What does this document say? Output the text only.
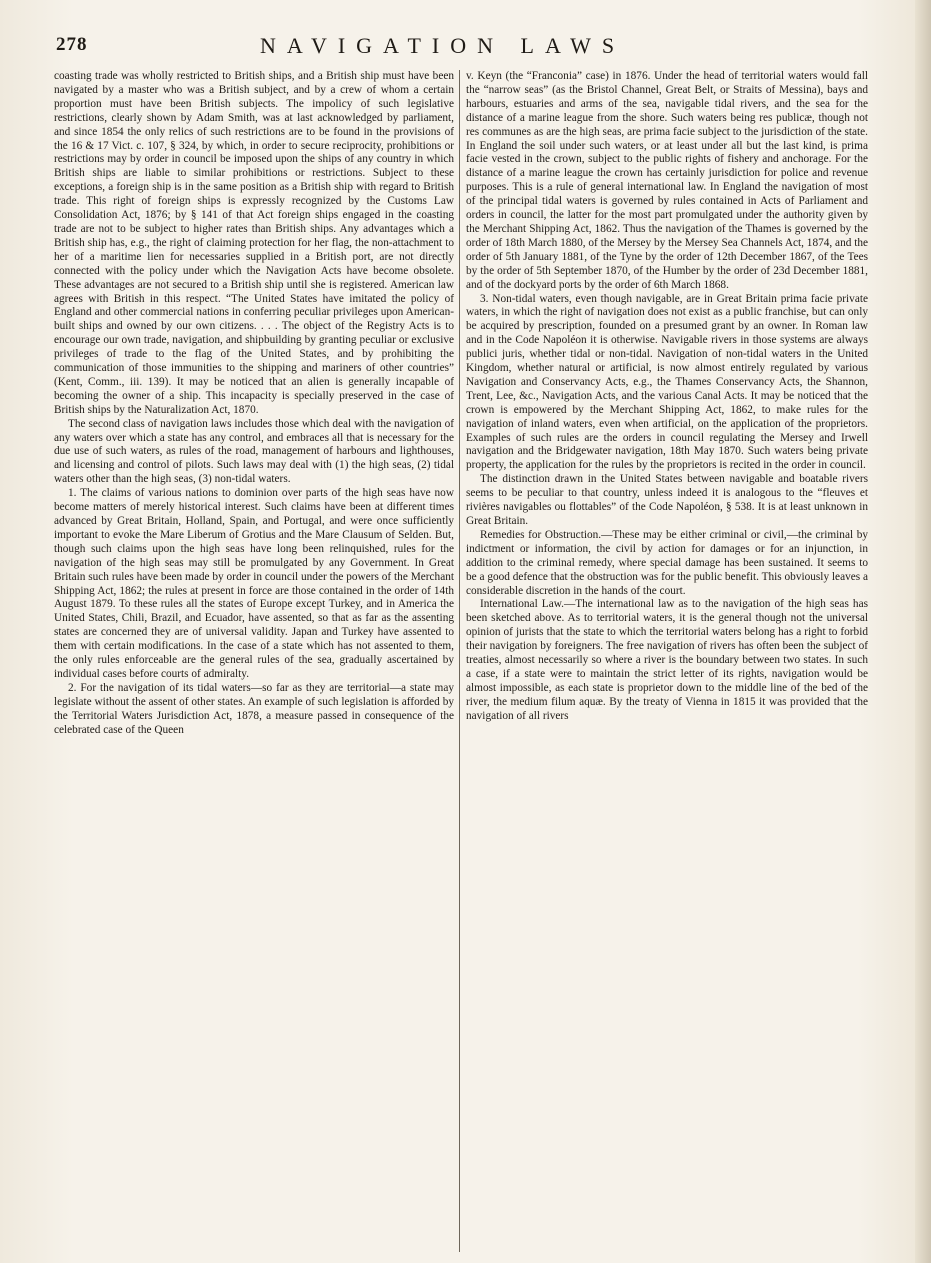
278	NAVIGATION LAWS

coasting trade was wholly restricted to British ships, and a British ship must have been navigated by a master who was a British subject, and by a crew of whom a certain proportion must have been British subjects. The impolicy of such legislative restrictions, clearly shown by Adam Smith, was at last acknowledged by parliament, and since 1854 the only relics of such restrictions are to be found in the provisions of the 16 & 17 Vict. c. 107, § 324, by which, in order to secure reciprocity, prohibitions or restrictions may by order in council be imposed upon the ships of any country in which British ships are liable to similar prohibitions or restrictions. Subject to these exceptions, a foreign ship is in the same position as a British ship with regard to British trade. This right of foreign ships is expressly recognized by the Customs Law Consolidation Act, 1876; by § 141 of that Act foreign ships engaged in the coasting trade are not to be subject to higher rates than British ships. Any advantages which a British ship has, e.g., the right of claiming protection for her flag, the non-attachment to her of a maritime lien for necessaries supplied in a British port, are not directly connected with the policy under which the Navigation Acts have become obsolete. These advantages are not secured to a British ship until she is registered. American law agrees with British in this respect. “The United States have imitated the policy of England and other commercial nations in conferring peculiar privileges upon American-built ships and owned by our own citizens. . . . The object of the Registry Acts is to encourage our own trade, navigation, and shipbuilding by granting peculiar or exclusive privileges of trade to the flag of the United States, and by prohibiting the communication of those immunities to the shipping and mariners of other countries” (Kent, Comm., iii. 139). It may be noticed that an alien is generally incapable of becoming the owner of a ship. This incapacity is specially preserved in the case of British ships by the Naturalization Act, 1870.

The second class of navigation laws includes those which deal with the navigation of any waters over which a state has any control, and embraces all that is necessary for the due use of such waters, as rules of the road, management of harbours and lighthouses, and licensing and control of pilots. Such laws may deal with (1) the high seas, (2) tidal waters other than the high seas, (3) non-tidal waters.

1. The claims of various nations to dominion over parts of the high seas have now become matters of merely historical interest. Such claims have been at different times advanced by Great Britain, Holland, Spain, and Portugal, and were once sufficiently important to evoke the Mare Liberum of Grotius and the Mare Clausum of Selden. But, though such claims upon the high seas have long been relinquished, rules for the navigation of the high seas may still be promulgated by any Government. In Great Britain such rules have been made by order in council under the powers of the Merchant Shipping Act, 1862; the rules at present in force are those contained in the order of 14th August 1879. To these rules all the states of Europe except Turkey, and in America the United States, Chili, Brazil, and Ecuador, have assented, so that as far as the assenting states are concerned they are of universal validity. Japan and Turkey have assented to them with certain modifications. In the case of a state which has not assented to them, the only rules enforceable are the general rules of the sea, gradually ascertained by individual cases before courts of admiralty.

2. For the navigation of its tidal waters—so far as they are territorial—a state may legislate without the assent of other states. An example of such legislation is afforded by the Territorial Waters Jurisdiction Act, 1878, a measure passed in consequence of the celebrated case of the Queen

v. Keyn (the “Franconia” case) in 1876. Under the head of territorial waters would fall the “narrow seas” (as the Bristol Channel, Great Belt, or Straits of Messina), bays and harbours, estuaries and arms of the sea, navigable tidal rivers, and the sea for the distance of a marine league from the shore. Such waters being res publicæ, though not res communes as are the high seas, are prima facie subject to the jurisdiction of the state. In England the soil under such waters, or at least under all but the last kind, is prima facie vested in the crown, subject to the public rights of fishery and anchorage. For the distance of a marine league the crown has certainly jurisdiction for police and revenue purposes. This is a rule of general international law. In England the navigation of most of the principal tidal waters is governed by rules contained in Acts of Parliament and orders in council, the latter for the most part promulgated under the authority given by the Merchant Shipping Act, 1862. Thus the navigation of the Thames is governed by the order of 18th March 1880, of the Mersey by the Mersey Sea Channels Act, 1874, and the order of 5th January 1881, of the Tyne by the order of 12th December 1867, of the Tees by the order of 5th September 1870, of the Humber by the order of 23d December 1881, and of the dockyard ports by the order of 6th March 1868.

3. Non-tidal waters, even though navigable, are in Great Britain prima facie private waters, in which the right of navigation does not exist as a public franchise, but can only be acquired by prescription, founded on a presumed grant by an owner. In Roman law and in the Code Napoléon it is otherwise. Navigable rivers in those systems are always publici juris, whether tidal or non-tidal. Navigation of non-tidal waters in the United Kingdom, whether natural or artificial, is now almost entirely regulated by various Navigation and Conservancy Acts, e.g., the Thames Conservancy Acts, the Shannon, Trent, Lee, &c., Navigation Acts, and the various Canal Acts. It may be noticed that the crown is empowered by the Merchant Shipping Act, 1862, to make rules for the navigation of inland waters, even when artificial, on the application of the proprietors. Examples of such rules are the orders in council regulating the Mersey and Irwell navigation and the Bridgewater navigation, 18th May 1870. Such waters being private property, the application for the rules by the proprietors is recited in the order in council.

The distinction drawn in the United States between navigable and boatable rivers seems to be peculiar to that country, unless indeed it is analogous to the “fleuves et rivières navigables ou flottables” of the Code Napoléon, § 538. It is at least unknown in Great Britain.

Remedies for Obstruction.—These may be either criminal or civil,—the criminal by indictment or information, the civil by action for damages or for an injunction, in addition to the criminal remedy, where special damage has been sustained. It seems to be a good defence that the obstruction was for the public benefit. This obviously leaves a considerable discretion in the hands of the court.

International Law.—The international law as to the navigation of the high seas has been sketched above. As to territorial waters, it is the general though not the universal opinion of jurists that the state to which the territorial waters belong has a right to forbid their navigation by foreigners. The free navigation of rivers has often been the subject of treaties, almost necessarily so where a river is the boundary between two states. In such a case, if a state were to maintain the strict letter of its rights, navigation would be almost impossible, as each state is proprietor down to the middle line of the bed of the river, the medium filum aquæ. By the treaty of Vienna in 1815 it was provided that the navigation of all rivers
